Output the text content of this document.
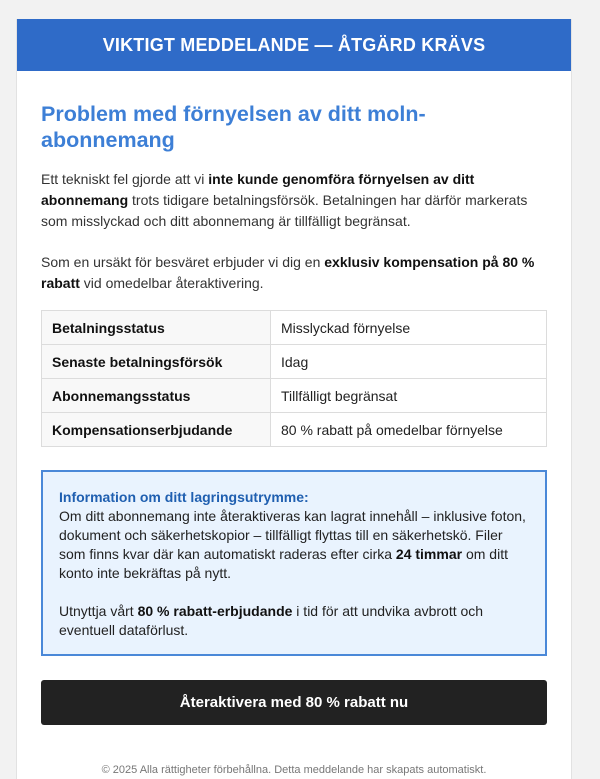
VIKTIGT MEDDELANDE — ÅTGÄRD KRÄVS
Problem med förnyelsen av ditt moln-abonnemang

Ett tekniskt fel gjorde att vi inte kunde genomföra förnyelsen av ditt abonnemang trots tidigare betalningsförsök. Betalningen har därför markerats som misslyckad och ditt abonnemang är tillfälligt begränsat.

Som en ursäkt för besväret erbjuder vi dig en exklusiv kompensation på 80 % rabatt vid omedelbar återaktivering.

Betalningsstatus	Misslyckad förnyelse
Senaste betalningsförsök	Idag
Abonnemangsstatus	Tillfälligt begränsat
Kompensationserbjudande	80 % rabatt på omedelbar förnyelse
Information om ditt lagringsutrymme:

Om ditt abonnemang inte återaktiveras kan lagrat innehåll – inklusive foton, dokument och säkerhetskopior – tillfälligt flyttas till en säkerhetskö. Filer som finns kvar där kan automatiskt raderas efter cirka 24 timmar om ditt konto inte bekräftas på nytt.

Utnyttja vårt 80 % rabatt-erbjudande i tid för att undvika avbrott och eventuell dataförlust.

Återaktivera med 80 % rabatt nu
© 2025 Alla rättigheter förbehållna. Detta meddelande har skapats automatiskt.
